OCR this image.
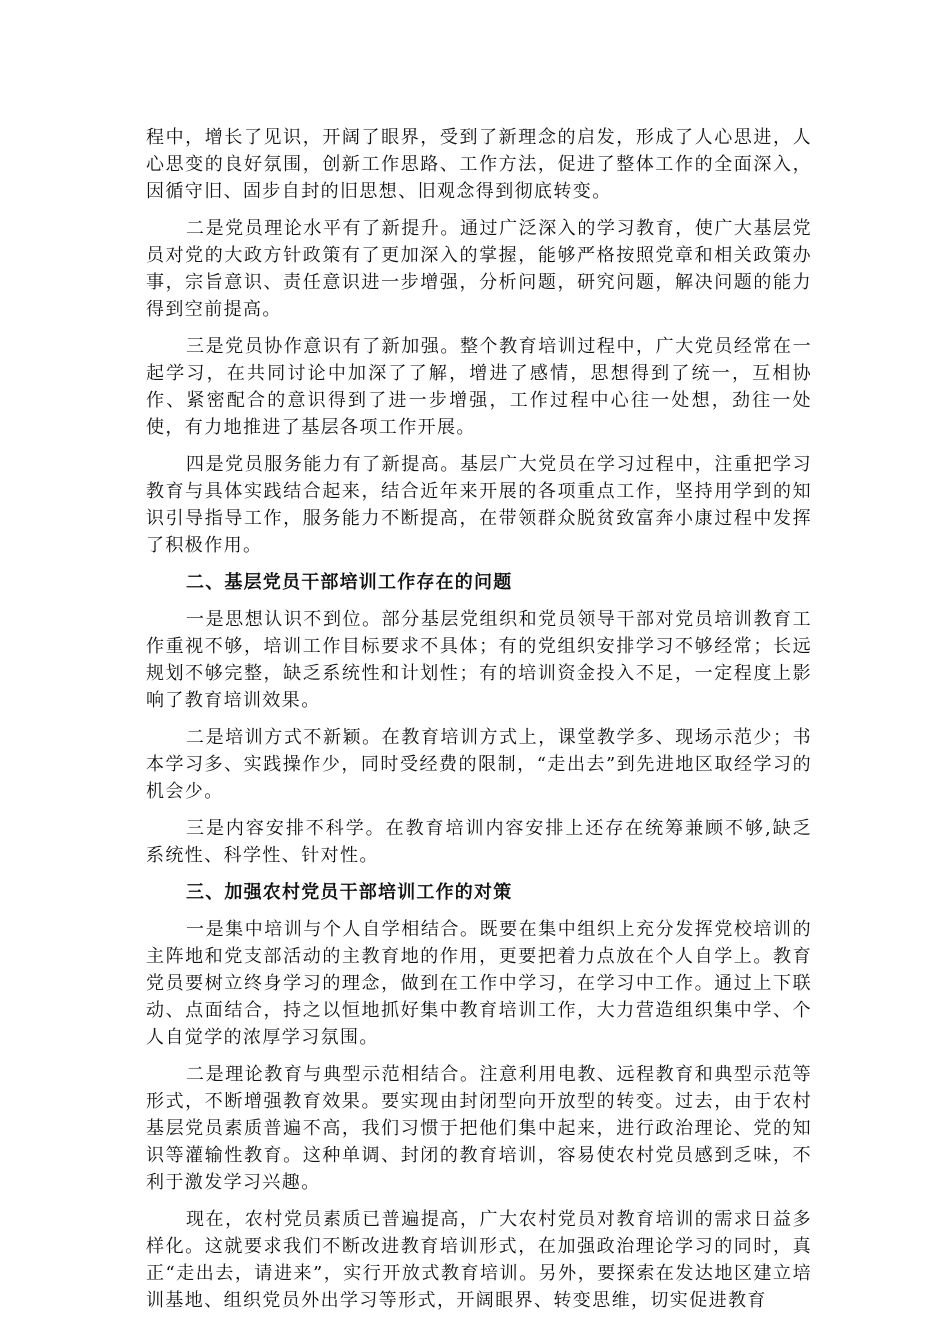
程中，增长了见识，开阔了眼界，受到了新理念的启发，形成了人心思进，人心思变的良好氛围，创新工作思路、工作方法，促进了整体工作的全面深入，因循守旧、固步自封的旧思想、旧观念得到彻底转变。

二是党员理论水平有了新提升。通过广泛深入的学习教育，使广大基层党员对党的大政方针政策有了更加深入的掌握，能够严格按照党章和相关政策办事，宗旨意识、责任意识进一步增强，分析问题，研究问题，解决问题的能力得到空前提高。

三是党员协作意识有了新加强。整个教育培训过程中，广大党员经常在一起学习，在共同讨论中加深了了解，增进了感情，思想得到了统一，互相协作、紧密配合的意识得到了进一步增强，工作过程中心往一处想，劲往一处使，有力地推进了基层各项工作开展。

四是党员服务能力有了新提高。基层广大党员在学习过程中，注重把学习教育与具体实践结合起来，结合近年来开展的各项重点工作，坚持用学到的知识引导指导工作，服务能力不断提高，在带领群众脱贫致富奔小康过程中发挥了积极作用。

二、基层党员干部培训工作存在的问题

一是思想认识不到位。部分基层党组织和党员领导干部对党员培训教育工作重视不够，培训工作目标要求不具体；有的党组织安排学习不够经常；长远规划不够完整，缺乏系统性和计划性；有的培训资金投入不足，一定程度上影响了教育培训效果。

二是培训方式不新颖。在教育培训方式上，课堂教学多、现场示范少；书本学习多、实践操作少，同时受经费的限制，“走出去”到先进地区取经学习的机会少。

三是内容安排不科学。在教育培训内容安排上还存在统筹兼顾不够,缺乏系统性、科学性、针对性。

三、加强农村党员干部培训工作的对策

一是集中培训与个人自学相结合。既要在集中组织上充分发挥党校培训的主阵地和党支部活动的主教育地的作用，更要把着力点放在个人自学上。教育党员要树立终身学习的理念，做到在工作中学习，在学习中工作。通过上下联动、点面结合，持之以恒地抓好集中教育培训工作，大力营造组织集中学、个人自觉学的浓厚学习氛围。

二是理论教育与典型示范相结合。注意利用电教、远程教育和典型示范等形式，不断增强教育效果。要实现由封闭型向开放型的转变。过去，由于农村基层党员素质普遍不高，我们习惯于把他们集中起来，进行政治理论、党的知识等灌输性教育。这种单调、封闭的教育培训，容易使农村党员感到乏味，不利于激发学习兴趣。

现在，农村党员素质已普遍提高，广大农村党员对教育培训的需求日益多样化。这就要求我们不断改进教育培训形式，在加强政治理论学习的同时，真正“走出去，请进来”，实行开放式教育培训。另外，要探索在发达地区建立培训基地、组织党员外出学习等形式，开阔眼界、转变思维，切实促进教育
